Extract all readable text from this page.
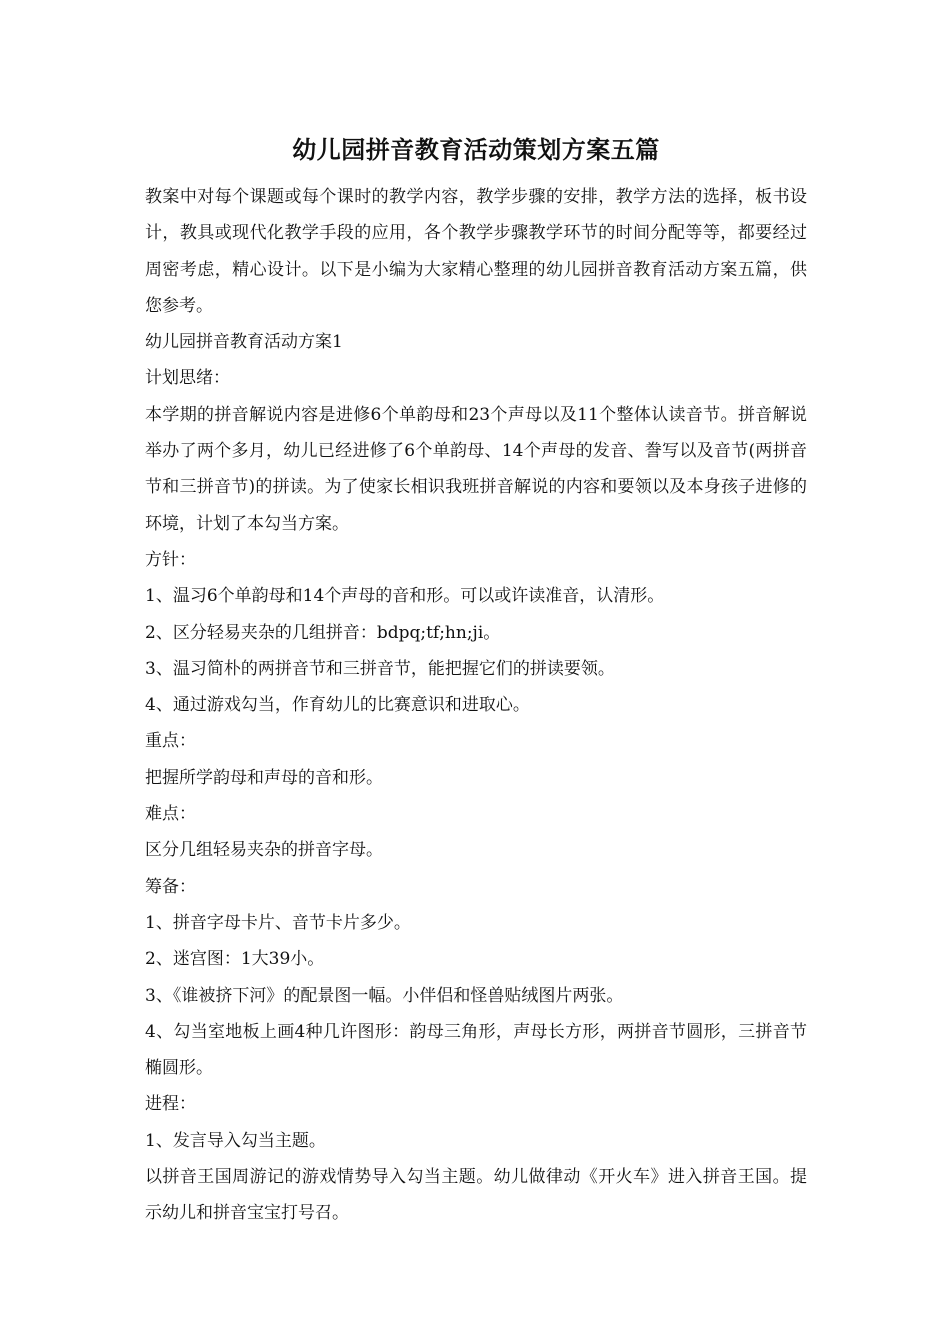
幼儿园拼音教育活动策划方案五篇

教案中对每个课题或每个课时的教学内容，教学步骤的安排，教学方法的选择，板书设计，教具或现代化教学手段的应用，各个教学步骤教学环节的时间分配等等，都要经过周密考虑，精心设计。以下是小编为大家精心整理的幼儿园拼音教育活动方案五篇，供您参考。

幼儿园拼音教育活动方案1

计划思绪：

本学期的拼音解说内容是进修6个单韵母和23个声母以及11个整体认读音节。拼音解说举办了两个多月，幼儿已经进修了6个单韵母、14个声母的发音、誊写以及音节(两拼音节和三拼音节)的拼读。为了使家长相识我班拼音解说的内容和要领以及本身孩子进修的环境，计划了本勾当方案。

方针：

1、温习6个单韵母和14个声母的音和形。可以或许读准音，认清形。

2、区分轻易夹杂的几组拼音：bdpq;tf;hn;ji。

3、温习简朴的两拼音节和三拼音节，能把握它们的拼读要领。

4、通过游戏勾当，作育幼儿的比赛意识和进取心。

重点：

把握所学韵母和声母的音和形。

难点：

区分几组轻易夹杂的拼音字母。

筹备：

1、拼音字母卡片、音节卡片多少。

2、迷宫图：1大39小。

3、《谁被挤下河》的配景图一幅。小伴侣和怪兽贴绒图片两张。

4、勾当室地板上画4种几许图形：韵母三角形，声母长方形，两拼音节圆形，三拼音节椭圆形。

进程：

1、发言导入勾当主题。

以拼音王国周游记的游戏情势导入勾当主题。幼儿做律动《开火车》进入拼音王国。提示幼儿和拼音宝宝打号召。
